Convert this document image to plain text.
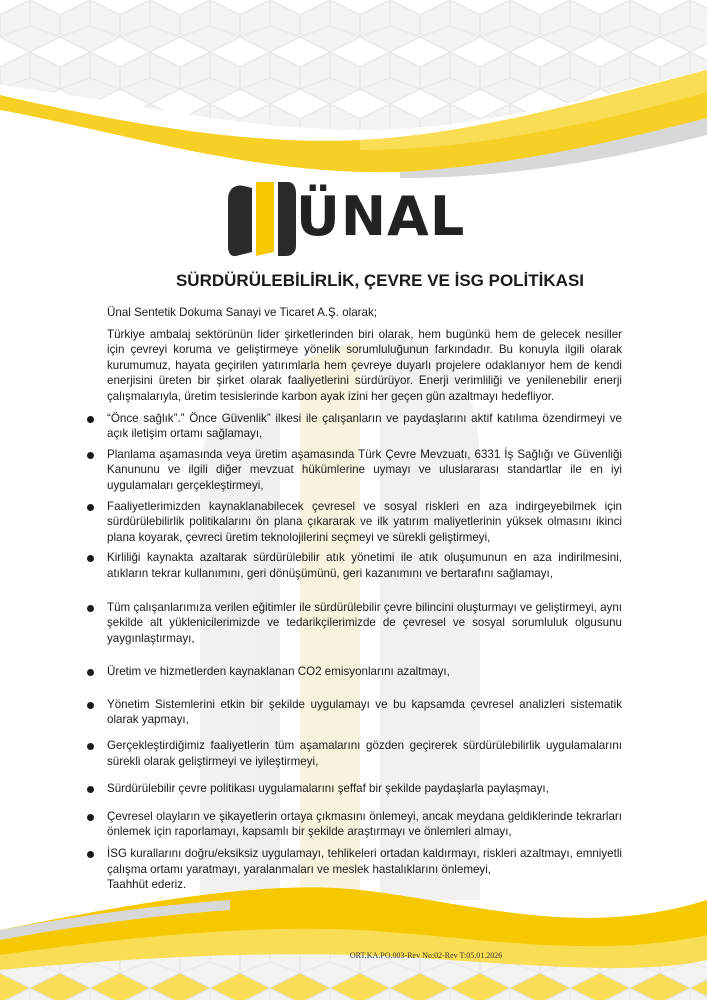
ÜNAL
SÜRDÜRÜLEBİLİRLİK, ÇEVRE VE İSG POLİTİKASI

Ünal Sentetik Dokuma Sanayi ve Ticaret A.Ş. olarak;

Türkiye ambalaj sektörünün lider şirketlerinden biri olarak, hem bugünkü hem de gelecek nesiller için çevreyi koruma ve geliştirmeye yönelik sorumluluğunun farkındadır. Bu konuyla ilgili olarak kurumumuz, hayata geçirilen yatırımlarla hem çevreye duyarlı projelere odaklanıyor hem de kendi enerjisini üreten bir şirket olarak faaliyetlerini sürdürüyor. Enerji verimliliği ve yenilenebilir enerji çalışmalarıyla, üretim tesislerinde karbon ayak izini her geçen gün azaltmayı hedefliyor.

“Önce sağlık”.” Önce Güvenlik” ilkesi ile çalışanların ve paydaşlarını aktif katılıma özendirmeyi ve açık iletişim ortamı sağlamayı,
Planlama aşamasında veya üretim aşamasında Türk Çevre Mevzuatı, 6331 İş Sağlığı ve Güvenliği Kanununu ve ilgili diğer mevzuat hükümlerine uymayı ve uluslararası standartlar ile en iyi uygulamaları gerçekleştirmeyi,
Faaliyetlerimizden kaynaklanabilecek çevresel ve sosyal riskleri en aza indirgeyebilmek için sürdürülebilirlik politikalarını ön plana çıkararak ve ilk yatırım maliyetlerinin yüksek olmasını ikinci plana koyarak, çevreci üretim teknolojilerini seçmeyi ve sürekli geliştirmeyi,
Kirliliği kaynakta azaltarak sürdürülebilir atık yönetimi ile atık oluşumunun en aza indirilmesini, atıkların tekrar kullanımını, geri dönüşümünü, geri kazanımını ve bertarafını sağlamayı,
Tüm çalışanlarımıza verilen eğitimler ile sürdürülebilir çevre bilincini oluşturmayı ve geliştirmeyi, aynı şekilde alt yüklenicilerimizde ve tedarikçilerimizde de çevresel ve sosyal sorumluluk olgusunu yaygınlaştırmayı,
Üretim ve hizmetlerden kaynaklanan CO2 emisyonlarını azaltmayı,
Yönetim Sistemlerini etkin bir şekilde uygulamayı ve bu kapsamda çevresel analizleri sistematik olarak yapmayı,
Gerçekleştirdiğimiz faaliyetlerin tüm aşamalarını gözden geçirerek sürdürülebilirlik uygulamalarını sürekli olarak geliştirmeyi ve iyileştirmeyi,
Sürdürülebilir çevre politikası uygulamalarını şeffaf bir şekilde paydaşlarla paylaşmayı,
Çevresel olayların ve şikayetlerin ortaya çıkmasını önlemeyi, ancak meydana geldiklerinde tekrarları önlemek için raporlamayı, kapsamlı bir şekilde araştırmayı ve önlemleri almayı,
İSG kurallarını doğru/eksiksiz uygulamayı, tehlikeleri ortadan kaldırmayı, riskleri azaltmayı, emniyetli çalışma ortamı yaratmayı, yaralanmaları ve meslek hastalıklarını önlemeyi,

Taahhüt ederiz.

ORT.KA.PO.003-Rev No:02-Rev T:05.01.2026
